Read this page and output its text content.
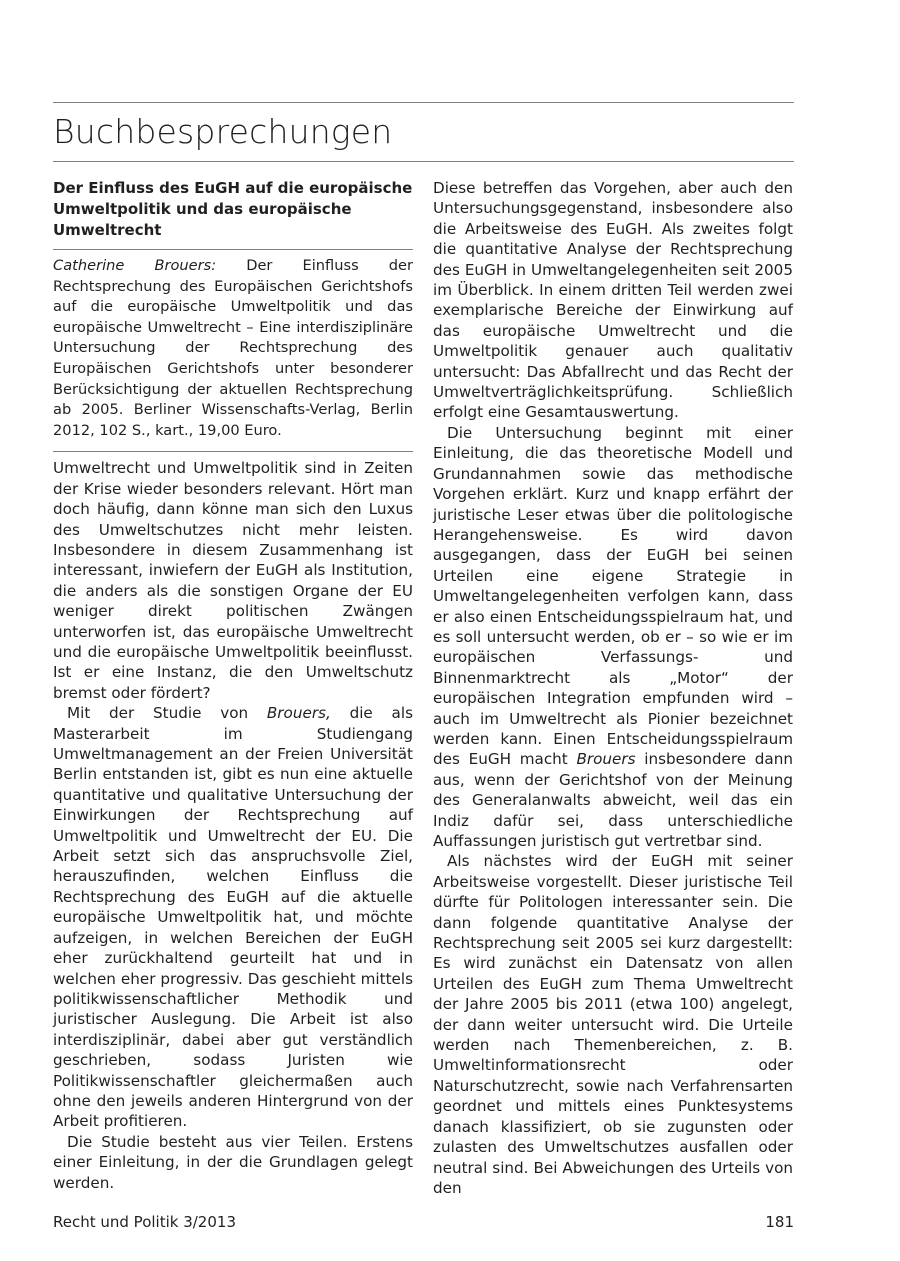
Buchbesprechungen

Der Einfluss des EuGH auf die europäische Umweltpolitik und das europäische Umweltrecht

Catherine Brouers: Der Einfluss der Rechtsprechung des Europäischen Gerichtshofs auf die europäische Umweltpolitik und das europäische Umweltrecht – Eine interdisziplinäre Untersuchung der Rechtsprechung des Europäischen Gerichtshofs unter besonderer Berücksichtigung der aktuellen Rechtsprechung ab 2005. Berliner Wissenschafts-Verlag, Berlin 2012, 102 S., kart., 19,00 Euro.

Umweltrecht und Umweltpolitik sind in Zeiten der Krise wieder besonders relevant. Hört man doch häufig, dann könne man sich den Luxus des Umweltschutzes nicht mehr leisten. Insbesondere in diesem Zusammenhang ist interessant, inwiefern der EuGH als Institution, die anders als die sonstigen Organe der EU weniger direkt politischen Zwängen unterworfen ist, das europäische Umweltrecht und die europäische Umweltpolitik beeinflusst. Ist er eine Instanz, die den Umweltschutz bremst oder fördert?

Mit der Studie von Brouers, die als Masterarbeit im Studiengang Umweltmanagement an der Freien Universität Berlin entstanden ist, gibt es nun eine aktuelle quantitative und qualitative Untersuchung der Einwirkungen der Rechtsprechung auf Umweltpolitik und Umweltrecht der EU. Die Arbeit setzt sich das anspruchsvolle Ziel, herauszufinden, welchen Einfluss die Rechtsprechung des EuGH auf die aktuelle europäische Umweltpolitik hat, und möchte aufzeigen, in welchen Bereichen der EuGH eher zurückhaltend geurteilt hat und in welchen eher progressiv. Das geschieht mittels politikwissenschaftlicher Methodik und juristischer Auslegung. Die Arbeit ist also interdisziplinär, dabei aber gut verständlich geschrieben, sodass Juristen wie Politikwissenschaftler gleichermaßen auch ohne den jeweils anderen Hintergrund von der Arbeit profitieren.

Die Studie besteht aus vier Teilen. Erstens einer Einleitung, in der die Grundlagen gelegt werden.

Diese betreffen das Vorgehen, aber auch den Untersuchungsgegenstand, insbesondere also die Arbeitsweise des EuGH. Als zweites folgt die quantitative Analyse der Rechtsprechung des EuGH in Umweltangelegenheiten seit 2005 im Überblick. In einem dritten Teil werden zwei exemplarische Bereiche der Einwirkung auf das europäische Umweltrecht und die Umweltpolitik genauer auch qualitativ untersucht: Das Abfallrecht und das Recht der Umweltverträglichkeitsprüfung. Schließlich erfolgt eine Gesamtauswertung.

Die Untersuchung beginnt mit einer Einleitung, die das theoretische Modell und Grundannahmen sowie das methodische Vorgehen erklärt. Kurz und knapp erfährt der juristische Leser etwas über die politologische Herangehensweise. Es wird davon ausgegangen, dass der EuGH bei seinen Urteilen eine eigene Strategie in Umweltangelegenheiten verfolgen kann, dass er also einen Entscheidungsspielraum hat, und es soll untersucht werden, ob er – so wie er im europäischen Verfassungs- und Binnenmarktrecht als „Motor“ der europäischen Integration empfunden wird – auch im Umweltrecht als Pionier bezeichnet werden kann. Einen Entscheidungsspielraum des EuGH macht Brouers insbesondere dann aus, wenn der Gerichtshof von der Meinung des Generalanwalts abweicht, weil das ein Indiz dafür sei, dass unterschiedliche Auffassungen juristisch gut vertretbar sind.

Als nächstes wird der EuGH mit seiner Arbeitsweise vorgestellt. Dieser juristische Teil dürfte für Politologen interessanter sein. Die dann folgende quantitative Analyse der Rechtsprechung seit 2005 sei kurz dargestellt: Es wird zunächst ein Datensatz von allen Urteilen des EuGH zum Thema Umweltrecht der Jahre 2005 bis 2011 (etwa 100) angelegt, der dann weiter untersucht wird. Die Urteile werden nach Themenbereichen, z. B. Umweltinformationsrecht oder Naturschutzrecht, sowie nach Verfahrensarten geordnet und mittels eines Punktesystems danach klassifiziert, ob sie zugunsten oder zulasten des Umweltschutzes ausfallen oder neutral sind. Bei Abweichungen des Urteils von den

Recht und Politik 3/2013	181
